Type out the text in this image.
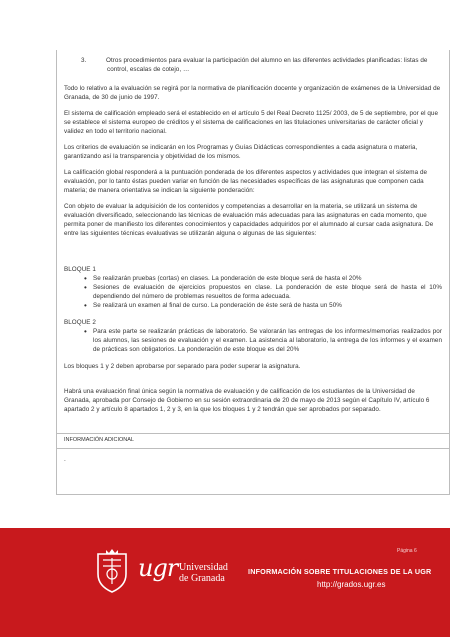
3.	Otros procedimientos para evaluar la participación del alumno en las diferentes actividades planificadas: listas de control, escalas de cotejo, …

Todo lo relativo a la evaluación se regirá por la normativa de planificación docente y organización de exámenes de la Universidad de Granada, de 30 de junio de 1997.

El sistema de calificación empleado será el establecido en el artículo 5 del Real Decreto 1125/ 2003, de 5 de septiembre, por el que se establece el sistema europeo de créditos y el sistema de calificaciones en las titulaciones universitarias de carácter oficial y validez en todo el territorio nacional.

Los criterios de evaluación se indicarán en los Programas y Guías Didácticas correspondientes a cada asignatura o materia, garantizando así la transparencia y objetividad de los mismos.

La calificación global responderá a la puntuación ponderada de los diferentes aspectos y actividades que integran el sistema de evaluación, por lo tanto éstas pueden variar en función de las necesidades específicas de las asignaturas que componen cada materia; de manera orientativa se indican la siguiente ponderación:

Con objeto de evaluar la adquisición de los contenidos y competencias a desarrollar en la materia, se utilizará un sistema de evaluación diversificado, seleccionando las técnicas de evaluación más adecuadas para las asignaturas en cada momento, que permita poner de manifiesto los diferentes conocimientos y capacidades adquiridos por el alumnado al cursar cada asignatura. De entre las siguientes técnicas evaluativas se utilizarán alguna o algunas de las siguientes:

BLOQUE 1

• Se realizarán pruebas (cortas) en clases. La ponderación de este bloque será de hasta el 20%
• Sesiones de evaluación de ejercicios propuestos en clase. La ponderación de este bloque será de hasta el 10% dependiendo del número de problemas resueltos de forma adecuada.
• Se realizará un examen al final de curso. La ponderación de éste será de hasta un 50%

BLOQUE 2

• Para este parte se realizarán prácticas de laboratorio. Se valorarán las entregas de los informes/memorias realizados por los alumnos, las sesiones de evaluación y el examen. La asistencia al laboratorio, la entrega de los informes y el examen de prácticas son obligatorios. La ponderación de este bloque es del 20%

Los bloques 1 y 2 deben aprobarse por separado para poder superar la asignatura.

Habrá una evaluación final única según la normativa de evaluación y de calificación de los estudiantes de la Universidad de Granada, aprobada por Consejo de Gobierno en su sesión extraordinaria de 20 de mayo de 2013 según el Capítulo IV, artículo 6 apartado 2 y artículo 8 apartados 1, 2 y 3, en la que los bloques 1 y 2 tendrán que ser aprobados por separado.

INFORMACIÓN ADICIONAL
-
Página 6
ugr Universidad
de Granada
INFORMACIÓN SOBRE TITULACIONES DE LA UGR
http://grados.ugr.es
